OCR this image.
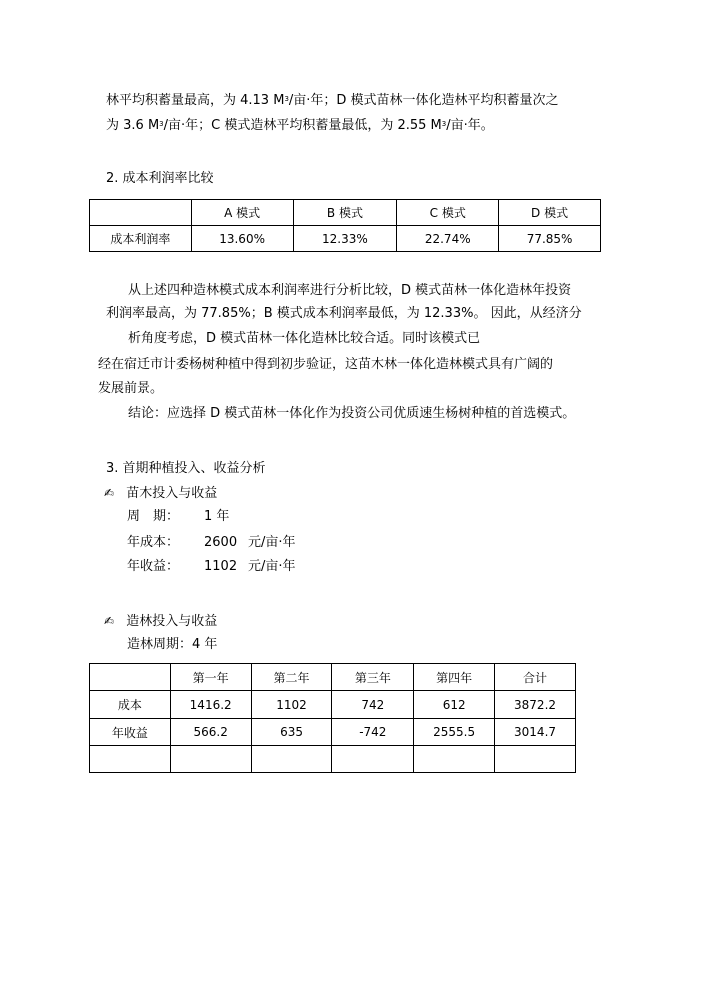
林平均积蓄量最高，为 4.13 $M^3/$亩·年；D 模式苗林一体化造林平均积蓄量次之
为 3.6 $M^3/$亩·年；C 模式造林平均积蓄量最低，为 2.55 $M^3/$亩·年。
2. 成本利润率比较
	A 模式	B 模式	C 模式	D 模式
成本利润率	13.60%	12.33%	22.74%	77.85%
从上述四种造林模式成本利润率进行分析比较，D 模式苗林一体化造林年投资
利润率最高，为 77.85%；B 模式成本利润率最低，为 12.33%。 因此，从经济分
析角度考虑，D 模式苗林一体化造林比较合适。同时该模式已
经在宿迁市计委杨树种植中得到初步验证，这苗木林一体化造林模式具有广阔的
发展前景。
结论：应选择 D 模式苗林一体化作为投资公司优质速生杨树种植的首选模式。
3. 首期种植投入、收益分析
✍ 苗木投入与收益
周　期： 1 年
年成本： 2600 元/亩·年
年收益： 1102 元/亩·年
✍ 造林投入与收益
造林周期：4 年
	第一年	第二年	第三年	第四年	合计
成本	1416.2	1102	742	612	3872.2
年收益	566.2	635	-742	2555.5	3014.7
